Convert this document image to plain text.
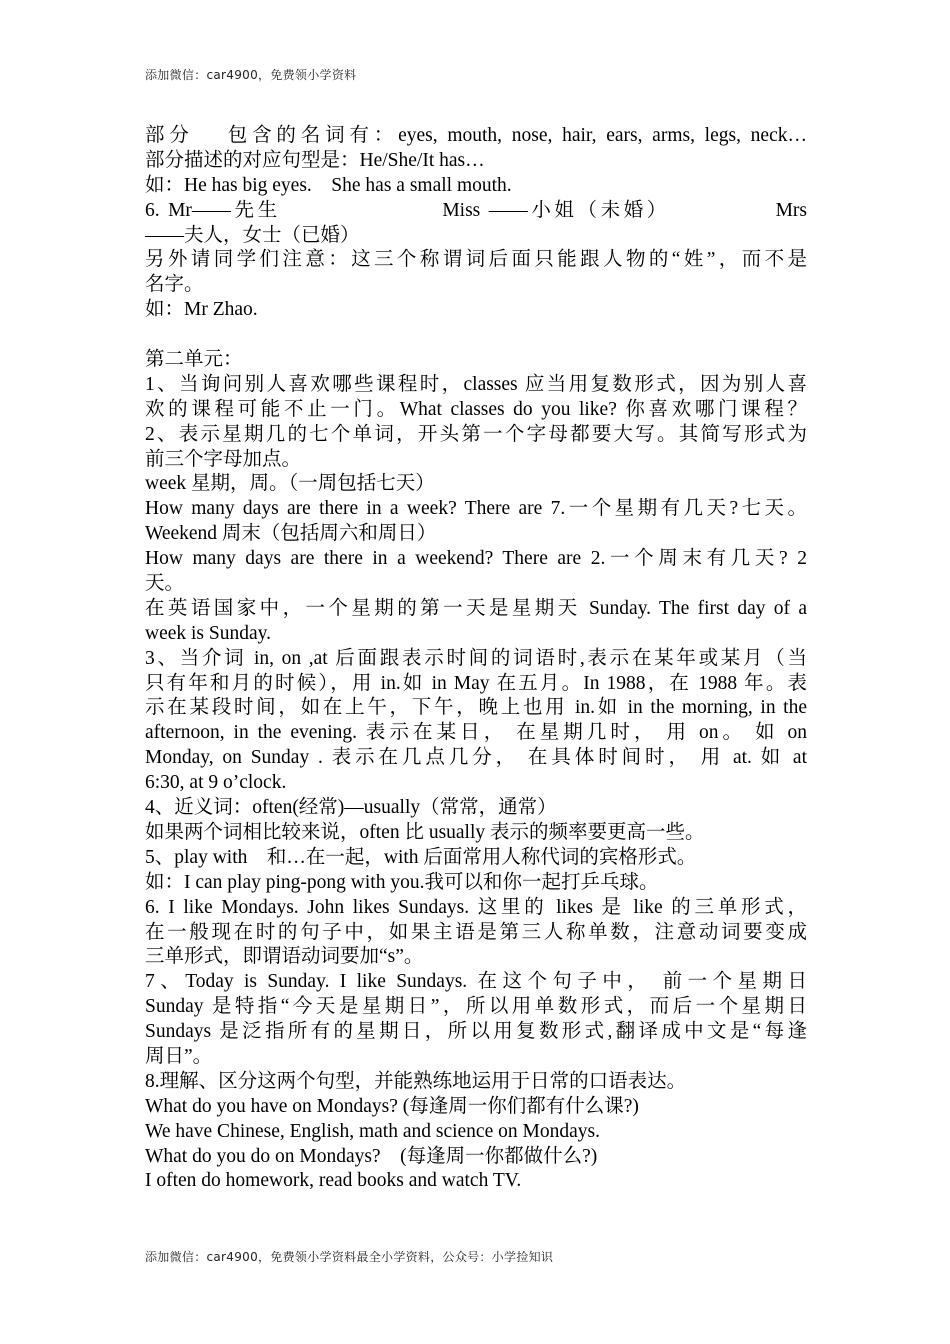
添加微信：car4900，免费领小学资料
部分　 包含的名词有：eyes, mouth, nose, hair, ears, arms, legs, neck…
部分描述的对应句型是：He/She/It has…
如：He has big eyes.　She has a small mouth.
6. Mr——先生　　　　　　　Miss ——小姐（未婚）　　　　　Mrs
——夫人，女士（已婚）
另外请同学们注意：这三个称谓词后面只能跟人物的“姓”，而不是
名字。
如：Mr Zhao.
第二单元：
1、当询问别人喜欢哪些课程时，classes 应当用复数形式，因为别人喜
欢的课程可能不止一门。What classes do you like? 你喜欢哪门课程？
2、表示星期几的七个单词，开头第一个字母都要大写。其简写形式为
前三个字母加点。
week 星期，周。（一周包括七天）
How many days are there in a week? There are 7.一个星期有几天?七天。
Weekend 周末（包括周六和周日）
How many days are there in a weekend? There are 2.一个周末有几天? 2
天。
在英语国家中，一个星期的第一天是星期天 Sunday. The first day of a
week is Sunday.
3、当介词 in, on ,at 后面跟表示时间的词语时,表示在某年或某月（当
只有年和月的时候），用 in.如 in May 在五月。In 1988，在 1988 年。表
示在某段时间，如在上午，下午，晚上也用 in.如 in the morning, in the
afternoon, in the evening. 表示在某日， 在星期几时， 用 on。 如 on
Monday, on Sunday . 表示在几点几分， 在具体时间时， 用 at. 如 at
6:30, at 9 o’clock.
4、近义词：often(经常)—usually（常常，通常）
如果两个词相比较来说，often 比 usually 表示的频率要更高一些。
5、play with　和…在一起，with 后面常用人称代词的宾格形式。
如：I can play ping-pong with you.我可以和你一起打乒乓球。
6. I like Mondays. John likes Sundays. 这里的 likes 是 like 的三单形式，
在一般现在时的句子中，如果主语是第三人称单数，注意动词要变成
三单形式，即谓语动词要加“s”。
7、Today is Sunday. I like Sundays. 在这个句子中， 前一个星期日
Sunday 是特指“今天是星期日”，所以用单数形式，而后一个星期日
Sundays 是泛指所有的星期日，所以用复数形式,翻译成中文是“每逢
周日”。
8.理解、区分这两个句型，并能熟练地运用于日常的口语表达。
What do you have on Mondays? (每逢周一你们都有什么课?)
We have Chinese, English, math and science on Mondays.
What do you do on Mondays?　(每逢周一你都做什么?)
I often do homework, read books and watch TV.
添加微信：car4900，免费领小学资料最全小学资料，公众号：小学捡知识
